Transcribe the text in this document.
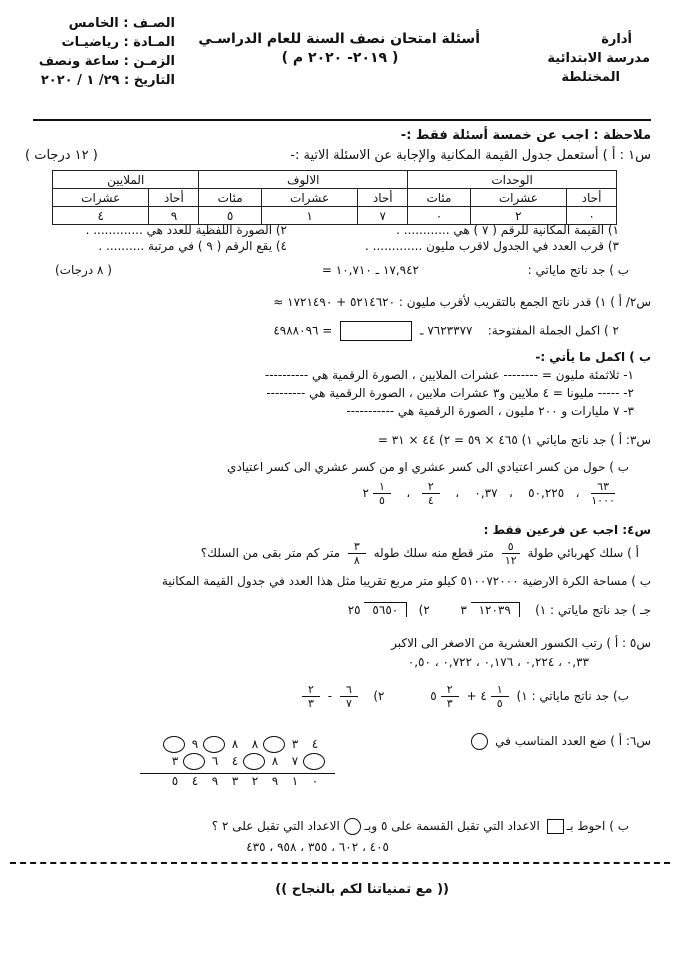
الصـف : الخامس
المـادة : رياضيـات
الزمـن : ساعة ونصف
التاريخ : ٢٩/ ١ / ٢٠٢٠
أسئلة امتحان نصف السنة للعام الدراسـي
( ٢٠١٩- ٢٠٢٠ م )
أدارة
مدرسة الابتدائية
المختلطة
ملاحظة : اجب عن خمسة أسئلة فقط :-
س١ : أ ) أستعمل جدول القيمة المكانية والإجابة عن الاسئلة الاتية :-
( ١٢ درجات )
الوحدات			الالوف			الملايين	
أحاد	عشرات	مئات	أحاد	عشرات	مئات	أحاد	عشرات
٠	٢	٠	٧	١	٥	٩	٤
١) القيمة المكانية للرقم ( ٧ ) هي ............ .
٢) الصورة اللفظية للعدد هي ............. .
٣) قرب العدد في الجدول لاقرب مليون ............. .
٤) يقع الرقم ( ٩ ) في مرتبة .......... .
ب ) جد ناتج ماياتي :
١٧,٩٤٢ ـ ١٠,٧١٠ =
( ٨ درجات)
س٢/ أ ) ١) قدر ناتج الجمع بالتقريب لأقرب مليون : ٥٢١٤٦٢٠ + ١٧٢١٤٩٠ ≈
٢ ) اكمل الجملة المفتوحة:    ٧٦٢٣٣٧٧ ـ  = ٤٩٨٨٠٩٦
ب ) اكمل ما يأتي :-
١- ثلاثمئة مليون = -------- عشرات الملايين ، الصورة الرقمية هي ----------
٢- ----- مليونا = ٤ ملايين و٣ عشرات ملايين ، الصورة الرقمية هي ---------
٣- ٧ مليارات و ٢٠٠ مليون ، الصورة الرقمية هي -----------
س٣: أ ) جد ناتج ماياتي ١) ٤٦٥ × ٥٩ = ٢) ٤٤ × ٣١ =
ب ) حول من كسر اعتيادي الى كسر عشري او من كسر عشري الى كسر اعتيادي
$\frac{٦٣}{١٠٠٠}$
،   ٥٠,٢٢٥    ،   ٠,٣٧    ،
$\frac{٢}{٤}$
،
$\frac{١}{٥}$
٢
س٤: اجب عن فرعين فقط :
أ ) سلك كهربائي طولة
$\frac{٥}{١٢}$
متر قطع منه سلك طوله
$\frac{٣}{٨}$
متر كم متر بقى من السلك؟
ب ) مساحة الكرة الارضية ٥١٠٠٧٢٠٠٠ كيلو متر مربع تقريبا مثل هذا العدد في جدول القيمة المكانية
جـ ) جد ناتج مایاتي : ١)    ١٢٠٣٩ ٣        ٢)   ٥٦٥٠ ٢٥
س٥ : أ ) رتب الكسور العشرية من الاصغر الى الاكبر
٠,٣٣ ، ٠,٢٢٤ ، ٠,١٧٦ ، ٠,٧٢٢ ، ٠,٥٠
ب) جد ناتج ماياتي : ١)
$\frac{١}{٥}$
٤ +
$\frac{٢}{٣}$
٥            ٢)
$\frac{٦}{٧}$
-
$\frac{٢}{٣}$
س٦: أ ) ضع العدد المناسب في
٤٣٨٨٩
٧٨٤٦٣
٠١٩٢٣٩٤٥
ب ) احوط بـ الاعداد التي تقبل القسمة على ٥ وبـ  الاعداد التي تقبل على ٢ ؟
٤٠٥ ، ٦٠٢ ، ٣٥٥ ، ٩٥٨ ، ٤٣٥
(( مع تمنياتنا لكم بالنجاح ))
